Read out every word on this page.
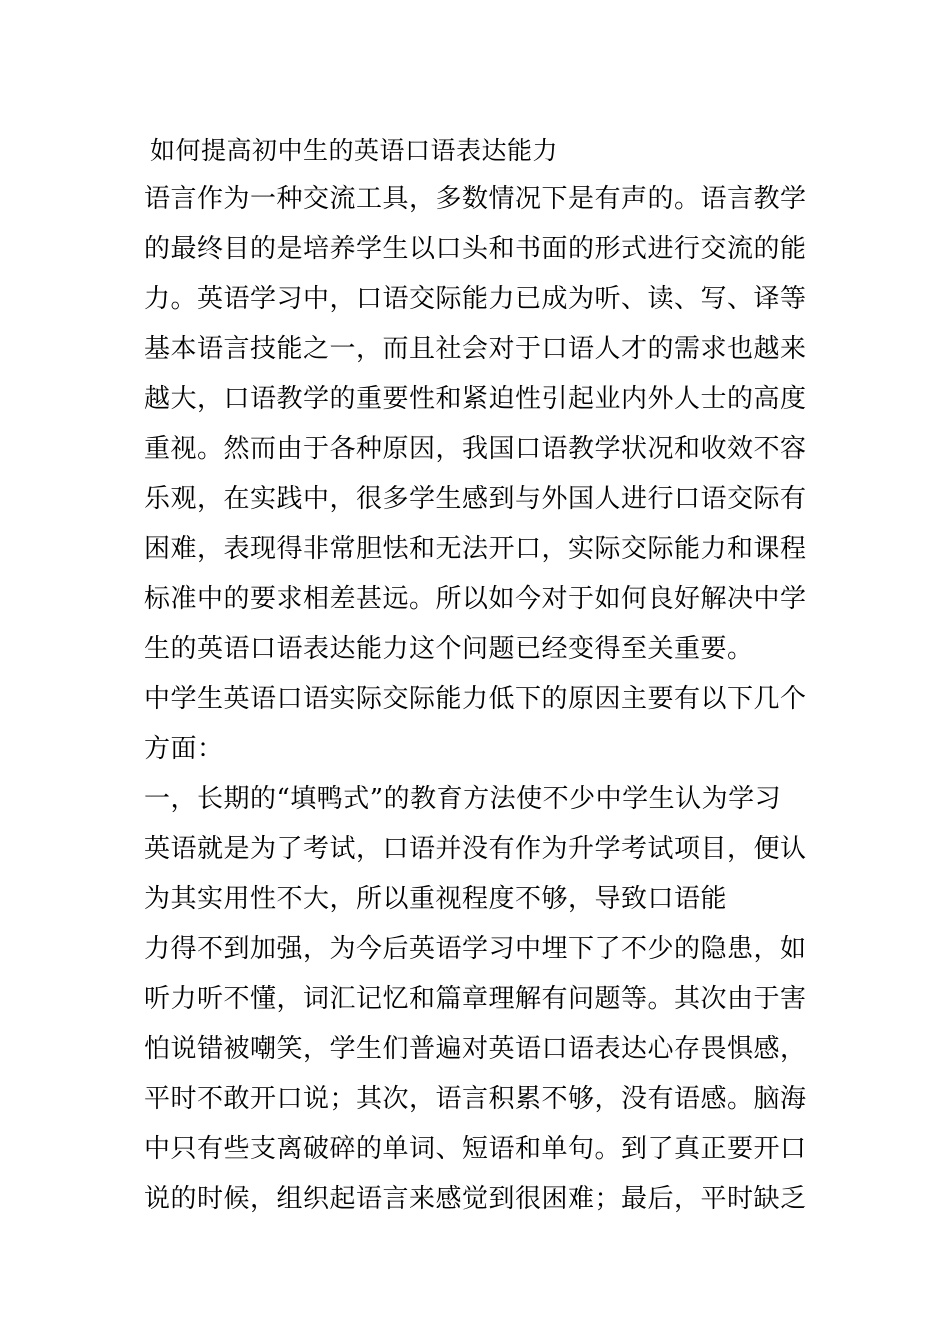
如何提高初中生的英语口语表达能力
语言作为一种交流工具，多数情况下是有声的。语言教学
的最终目的是培养学生以口头和书面的形式进行交流的能
力。英语学习中，口语交际能力已成为听、读、写、译等
基本语言技能之一，而且社会对于口语人才的需求也越来
越大，口语教学的重要性和紧迫性引起业内外人士的高度
重视。然而由于各种原因，我国口语教学状况和收效不容
乐观，在实践中，很多学生感到与外国人进行口语交际有
困难，表现得非常胆怯和无法开口，实际交际能力和课程
标准中的要求相差甚远。所以如今对于如何良好解决中学
生的英语口语表达能力这个问题已经变得至关重要。
中学生英语口语实际交际能力低下的原因主要有以下几个
方面：
一，长期的“填鸭式”的教育方法使不少中学生认为学习
英语就是为了考试，口语并没有作为升学考试项目，便认
为其实用性不大，所以重视程度不够，导致口语能
力得不到加强，为今后英语学习中埋下了不少的隐患，如
听力听不懂，词汇记忆和篇章理解有问题等。其次由于害
怕说错被嘲笑，学生们普遍对英语口语表达心存畏惧感，
平时不敢开口说；其次，语言积累不够，没有语感。脑海
中只有些支离破碎的单词、短语和单句。到了真正要开口
说的时候，组织起语言来感觉到很困难；最后，平时缺乏
